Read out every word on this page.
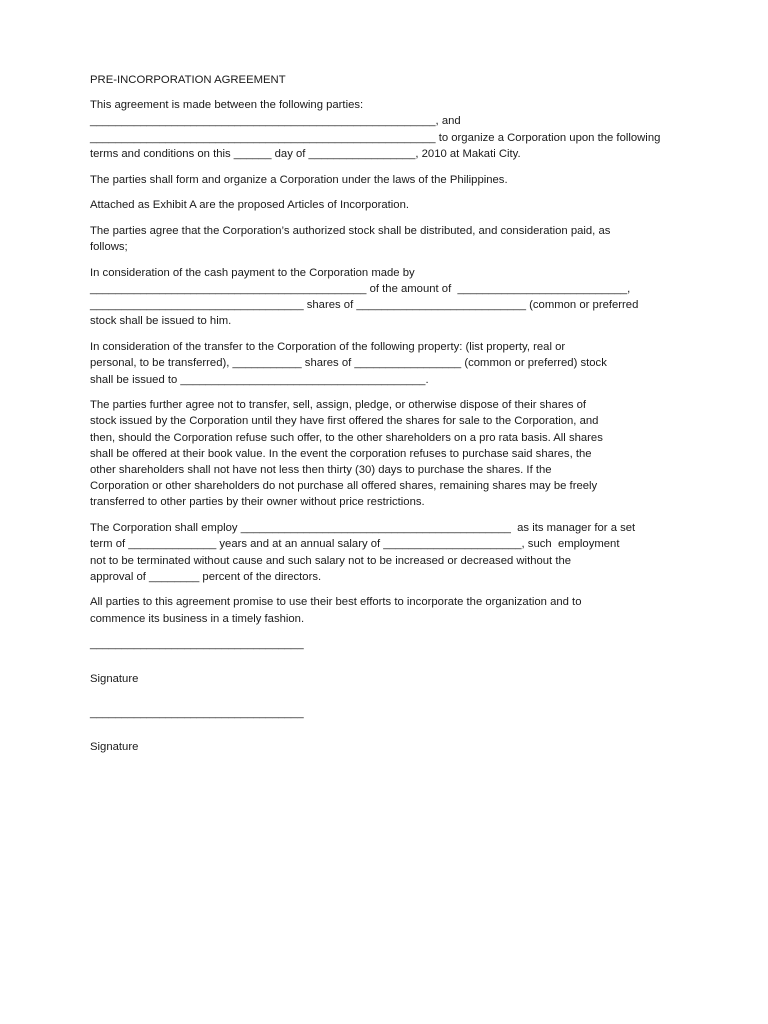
PRE-INCORPORATION AGREEMENT
This agreement is made between the following parties:
_______________________________________________________, and
_______________________________________________________ to organize a Corporation upon the following
terms and conditions on this ______ day of _________________, 2010 at Makati City.
The parties shall form and organize a Corporation under the laws of the Philippines.
Attached as Exhibit A are the proposed Articles of Incorporation.
The parties agree that the Corporation’s authorized stock shall be distributed, and consideration paid, as
follows;
In consideration of the cash payment to the Corporation made by
____________________________________________ of the amount of  ___________________________,
__________________________________ shares of ___________________________ (common or preferred
stock shall be issued to him.
In consideration of the transfer to the Corporation of the following property: (list property, real or
personal, to be transferred), ___________ shares of _________________ (common or preferred) stock
shall be issued to _______________________________________.
The parties further agree not to transfer, sell, assign, pledge, or otherwise dispose of their shares of
stock issued by the Corporation until they have first offered the shares for sale to the Corporation, and
then, should the Corporation refuse such offer, to the other shareholders on a pro rata basis. All shares
shall be offered at their book value. In the event the corporation refuses to purchase said shares, the
other shareholders shall not have not less then thirty (30) days to purchase the shares. If the
Corporation or other shareholders do not purchase all offered shares, remaining shares may be freely
transferred to other parties by their owner without price restrictions.
The Corporation shall employ ___________________________________________  as its manager for a set
term of ______________ years and at an annual salary of ______________________, such  employment
not to be terminated without cause and such salary not to be increased or decreased without the
approval of ________ percent of the directors.
All parties to this agreement promise to use their best efforts to incorporate the organization and to
commence its business in a timely fashion.
__________________________________
Signature
__________________________________
Signature
